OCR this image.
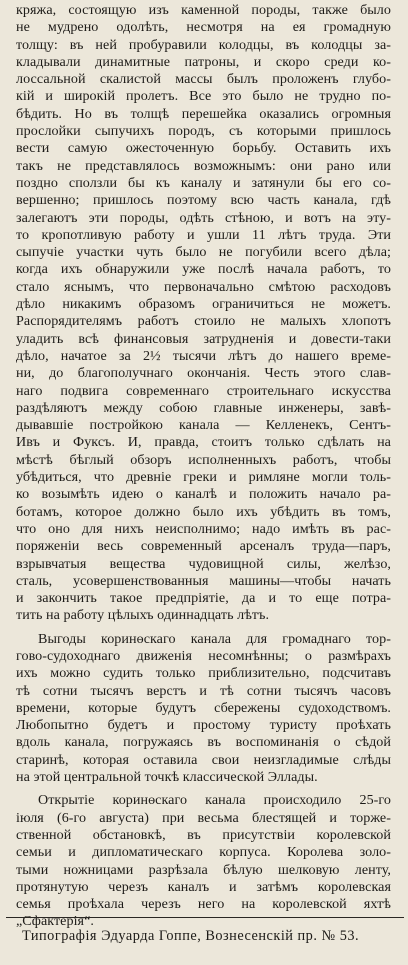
кряжа, состоящую изъ каменной породы, также было
не мудрено одолѣть, несмотря на ея громадную
толщу: въ ней пробуравили колодцы, въ колодцы за-
кладывали динамитные патроны, и скоро среди ко-
лоссальной скалистой массы былъ проложенъ глубо-
кій и широкій пролетъ. Все это было не трудно по-
бѣдить. Но въ толщѣ перешейка оказались огромныя
прослойки сыпучихъ породъ, съ которыми пришлось
вести самую ожесточенную борьбу. Оставить ихъ
такъ не представлялось возможнымъ: они рано или
поздно сползли бы къ каналу и затянули бы его со-
вершенно; пришлось поэтому всю часть канала, гдѣ
залегаютъ эти породы, одѣть стѣною, и вотъ на эту-
то кропотливую работу и ушли 11 лѣтъ труда. Эти
сыпучіе участки чуть было не погубили всего дѣла;
когда ихъ обнаружили уже послѣ начала работъ, то
стало яснымъ, что первоначально смѣтою расходовъ
дѣло никакимъ образомъ ограничиться не можетъ.
Распорядителямъ работъ стоило не малыхъ хлопотъ
уладить всѣ финансовыя затрудненія и довести-таки
дѣло, начатое за 2½ тысячи лѣтъ до нашего време-
ни, до благополучнаго окончанія. Честь этого слав-
наго подвига современнаго строительнаго искусства
раздѣляютъ между собою главные инженеры, завѣ-
дывавшіе постройкою канала — Келленекъ, Сентъ-
Ивъ и Фуксъ. И, правда, стоитъ только сдѣлать на
мѣстѣ бѣглый обзоръ исполненныхъ работъ, чтобы
убѣдиться, что древніе греки и римляне могли толь-
ко возымѣть идею о каналѣ и положить начало ра-
ботамъ, которое должно было ихъ убѣдить въ томъ,
что оно для нихъ неисполнимо; надо имѣть въ рас-
поряженіи весь современный арсеналъ труда—паръ,
взрывчатыя вещества чудовищной силы, желѣзо,
сталь, усовершенствованныя машины—чтобы начать
и закончить такое предпріятіе, да и то еще потра-
тить на работу цѣлыхъ одиннадцать лѣтъ.
Выгоды коринѳскаго канала для громаднаго тор-
гово-судоходнаго движенія несомнѣнны; о размѣрахъ
ихъ можно судить только приблизительно, подсчитавъ
тѣ сотни тысячъ верстъ и тѣ сотни тысячъ часовъ
времени, которые будутъ сбережены судоходствомъ.
Любопытно будетъ и простому туристу проѣхать
вдоль канала, погружаясь въ воспоминанія о сѣдой
старинѣ, которая оставила свои неизгладимые слѣды
на этой центральной точкѣ классической Эллады.
Открытіе коринѳскаго канала происходило 25-го
іюля (6-го августа) при весьма блестящей и торже-
ственной обстановкѣ, въ присутствіи королевской
семьи и дипломатическаго корпуса. Королева золо-
тыми ножницами разрѣзала бѣлую шелковую ленту,
протянутую черезъ каналъ и затѣмъ королевская
семья проѣхала черезъ него на королевской яхтѣ
„Сфактерія“.
Типографія Эдуарда Гоппе, Вознесенскій пр. № 53.
